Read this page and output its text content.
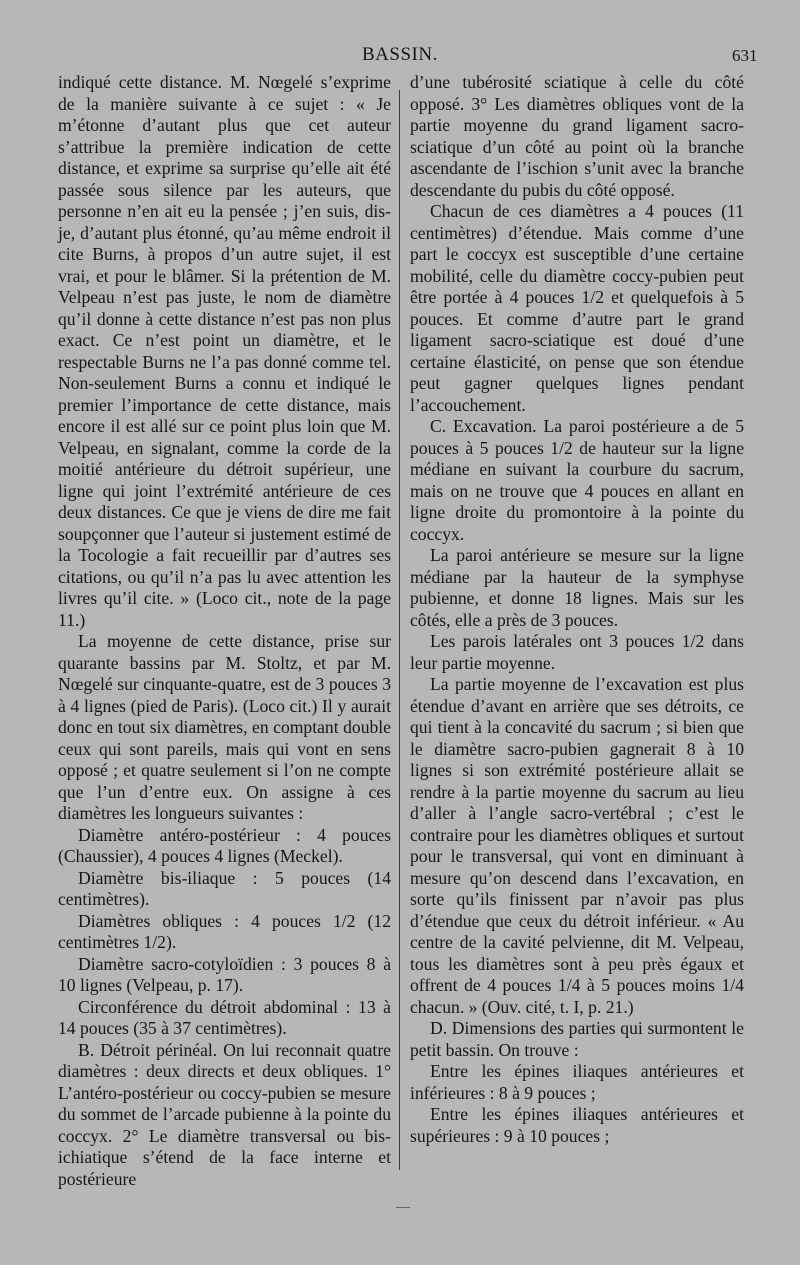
BASSIN.	631

indiqué cette distance. M. Nœgelé s’exprime de la manière suivante à ce sujet : « Je m’étonne d’autant plus que cet auteur s’attribue la première indication de cette distance, et exprime sa surprise qu’elle ait été passée sous silence par les auteurs, que personne n’en ait eu la pensée ; j’en suis, dis-je, d’autant plus étonné, qu’au même endroit il cite Burns, à propos d’un autre sujet, il est vrai, et pour le blâmer. Si la prétention de M. Velpeau n’est pas juste, le nom de diamètre qu’il donne à cette distance n’est pas non plus exact. Ce n’est point un diamètre, et le respectable Burns ne l’a pas donné comme tel. Non-seulement Burns a connu et indiqué le premier l’importance de cette distance, mais encore il est allé sur ce point plus loin que M. Velpeau, en signalant, comme la corde de la moitié antérieure du détroit supérieur, une ligne qui joint l’extrémité antérieure de ces deux distances. Ce que je viens de dire me fait soupçonner que l’auteur si justement estimé de la Tocologie a fait recueillir par d’autres ses citations, ou qu’il n’a pas lu avec attention les livres qu’il cite. » (Loco cit., note de la page 11.)

La moyenne de cette distance, prise sur quarante bassins par M. Stoltz, et par M. Nœgelé sur cinquante-quatre, est de 3 pouces 3 à 4 lignes (pied de Paris). (Loco cit.) Il y aurait donc en tout six diamètres, en comptant double ceux qui sont pareils, mais qui vont en sens opposé ; et quatre seulement si l’on ne compte que l’un d’entre eux. On assigne à ces diamètres les longueurs suivantes :

Diamètre antéro-postérieur : 4 pouces (Chaussier), 4 pouces 4 lignes (Meckel).

Diamètre bis-iliaque : 5 pouces (14 centimètres).

Diamètres obliques : 4 pouces 1/2 (12 centimètres 1/2).

Diamètre sacro-cotyloïdien : 3 pouces 8 à 10 lignes (Velpeau, p. 17).

Circonférence du détroit abdominal : 13 à 14 pouces (35 à 37 centimètres).

B. Détroit périnéal. On lui reconnait quatre diamètres : deux directs et deux obliques. 1° L’antéro-postérieur ou coccy-pubien se mesure du sommet de l’arcade pubienne à la pointe du coccyx. 2° Le diamètre transversal ou bis-ichiatique s’étend de la face interne et postérieure

d’une tubérosité sciatique à celle du côté opposé. 3° Les diamètres obliques vont de la partie moyenne du grand ligament sacro-sciatique d’un côté au point où la branche ascendante de l’ischion s’unit avec la branche descendante du pubis du côté opposé.

Chacun de ces diamètres a 4 pouces (11 centimètres) d’étendue. Mais comme d’une part le coccyx est susceptible d’une certaine mobilité, celle du diamètre coccy-pubien peut être portée à 4 pouces 1/2 et quelquefois à 5 pouces. Et comme d’autre part le grand ligament sacro-sciatique est doué d’une certaine élasticité, on pense que son étendue peut gagner quelques lignes pendant l’accouchement.

C. Excavation. La paroi postérieure a de 5 pouces à 5 pouces 1/2 de hauteur sur la ligne médiane en suivant la courbure du sacrum, mais on ne trouve que 4 pouces en allant en ligne droite du promontoire à la pointe du coccyx.

La paroi antérieure se mesure sur la ligne médiane par la hauteur de la symphyse pubienne, et donne 18 lignes. Mais sur les côtés, elle a près de 3 pouces.

Les parois latérales ont 3 pouces 1/2 dans leur partie moyenne.

La partie moyenne de l’excavation est plus étendue d’avant en arrière que ses détroits, ce qui tient à la concavité du sacrum ; si bien que le diamètre sacro-pubien gagnerait 8 à 10 lignes si son extrémité postérieure allait se rendre à la partie moyenne du sacrum au lieu d’aller à l’angle sacro-vertébral ; c’est le contraire pour les diamètres obliques et surtout pour le transversal, qui vont en diminuant à mesure qu’on descend dans l’excavation, en sorte qu’ils finissent par n’avoir pas plus d’étendue que ceux du détroit inférieur. « Au centre de la cavité pelvienne, dit M. Velpeau, tous les diamètres sont à peu près égaux et offrent de 4 pouces 1/4 à 5 pouces moins 1/4 chacun. » (Ouv. cité, t. I, p. 21.)

D. Dimensions des parties qui surmontent le petit bassin. On trouve :

Entre les épines iliaques antérieures et inférieures : 8 à 9 pouces ;

Entre les épines iliaques antérieures et supérieures : 9 à 10 pouces ;
